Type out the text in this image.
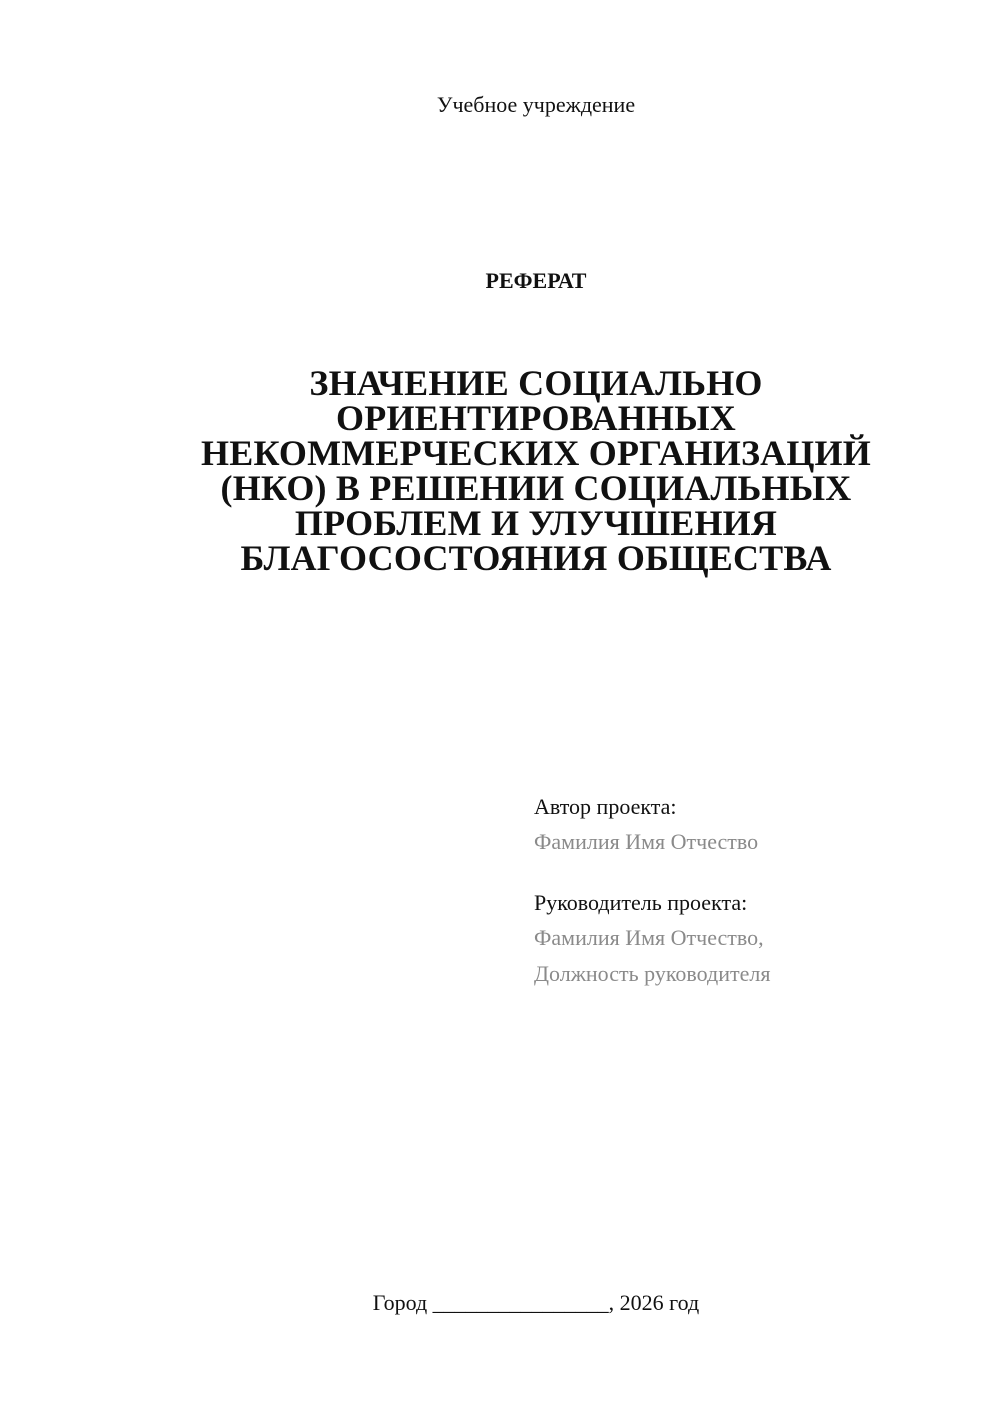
Учебное учреждение
РЕФЕРАТ
ЗНАЧЕНИЕ СОЦИАЛЬНО
ОРИЕНТИРОВАННЫХ
НЕКОММЕРЧЕСКИХ ОРГАНИЗАЦИЙ
(НКО) В РЕШЕНИИ СОЦИАЛЬНЫХ
ПРОБЛЕМ И УЛУЧШЕНИЯ
БЛАГОСОСТОЯНИЯ ОБЩЕСТВА
Автор проекта:
Фамилия Имя Отчество
Руководитель проекта:
Фамилия Имя Отчество,
Должность руководителя
Город ________________, 2026 год
